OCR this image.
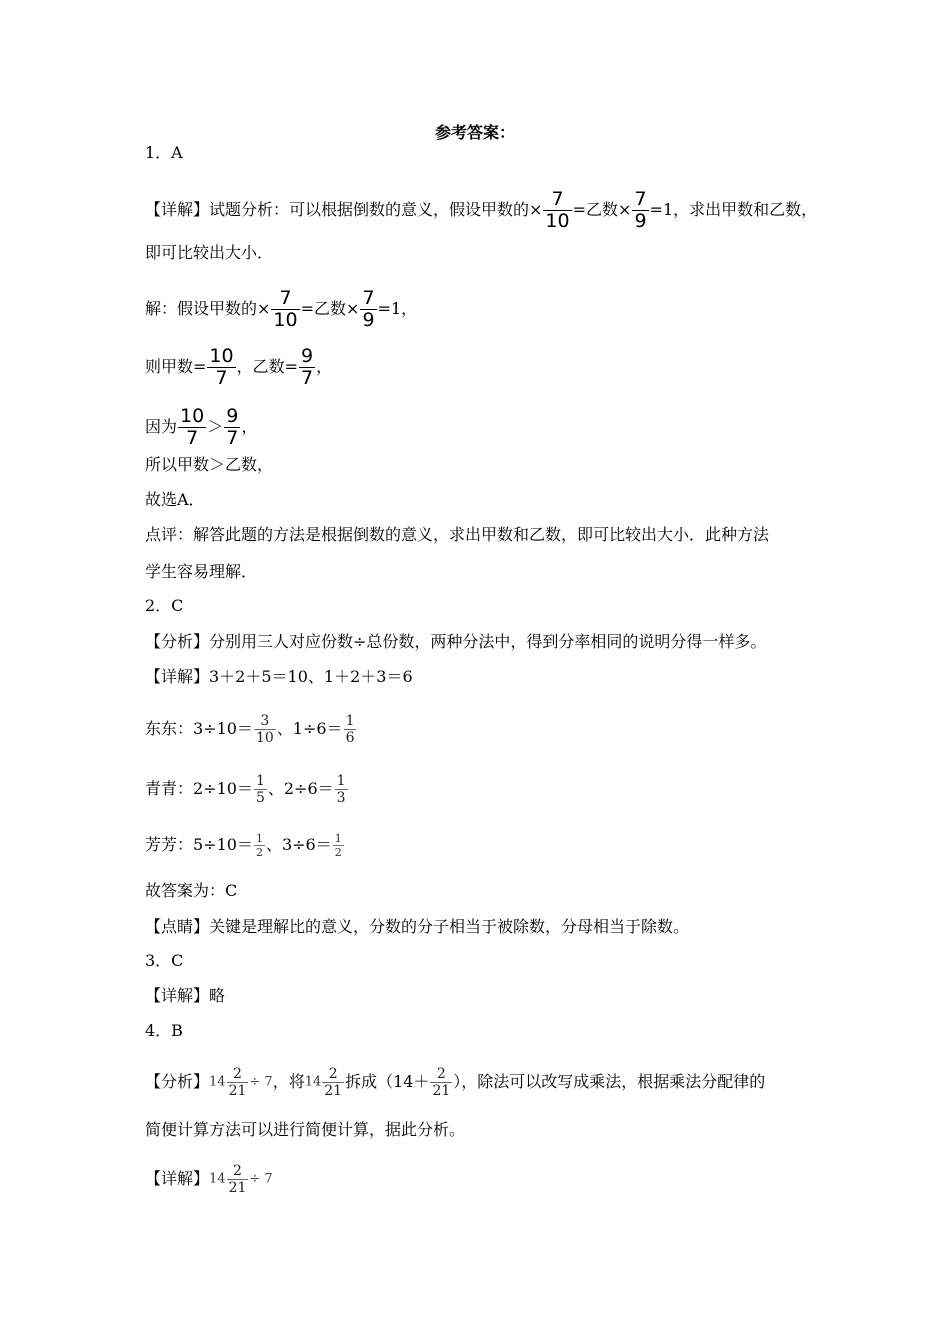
参考答案：
1．A
【详解】试题分析：可以根据倒数的意义，假设甲数的× $\frac{7}{10}$ =乙数× $\frac{7}{9} =1$，求出甲数和乙数，
即可比较出大小．
解：假设甲数的× $\frac{7}{10}$ =乙数× $\frac{7}{9} =1$，
则甲数= $\frac{10}{7}$ ，乙数= $\frac{9}{7}$ ，
因为 $\frac{10}{7} > \frac{9}{7}$ ，
所以甲数＞乙数，
故选A．
点评：解答此题的方法是根据倒数的意义，求出甲数和乙数，即可比较出大小．此种方法
学生容易理解．
2．C
【分析】分别用三人对应份数÷总份数，两种分法中，得到分率相同的说明分得一样多。
【详解】3＋2＋5＝10、1＋2＋3＝6
东东：$3\div 10= \frac{3}{10}$ 、$1\div 6= \frac{1}{6}$
青青：$2\div 10= \frac{1}{5}$ 、$2\div 6= \frac{1}{3}$
芳芳：$5\div 10= \frac{1}{2}$ 、$3\div 6= \frac{1}{2}$
故答案为：C
【点睛】关键是理解比的意义，分数的分子相当于被除数，分母相当于除数。
3．C
【详解】略
4．B
【分析】$14 \frac{2}{21} \div 7$，将$14 \frac{2}{21}$ 拆成（$14+ \frac{2}{21}$ ），除法可以改写成乘法，根据乘法分配律的
简便计算方法可以进行简便计算，据此分析。
【详解】$14 \frac{2}{21} \div 7$
